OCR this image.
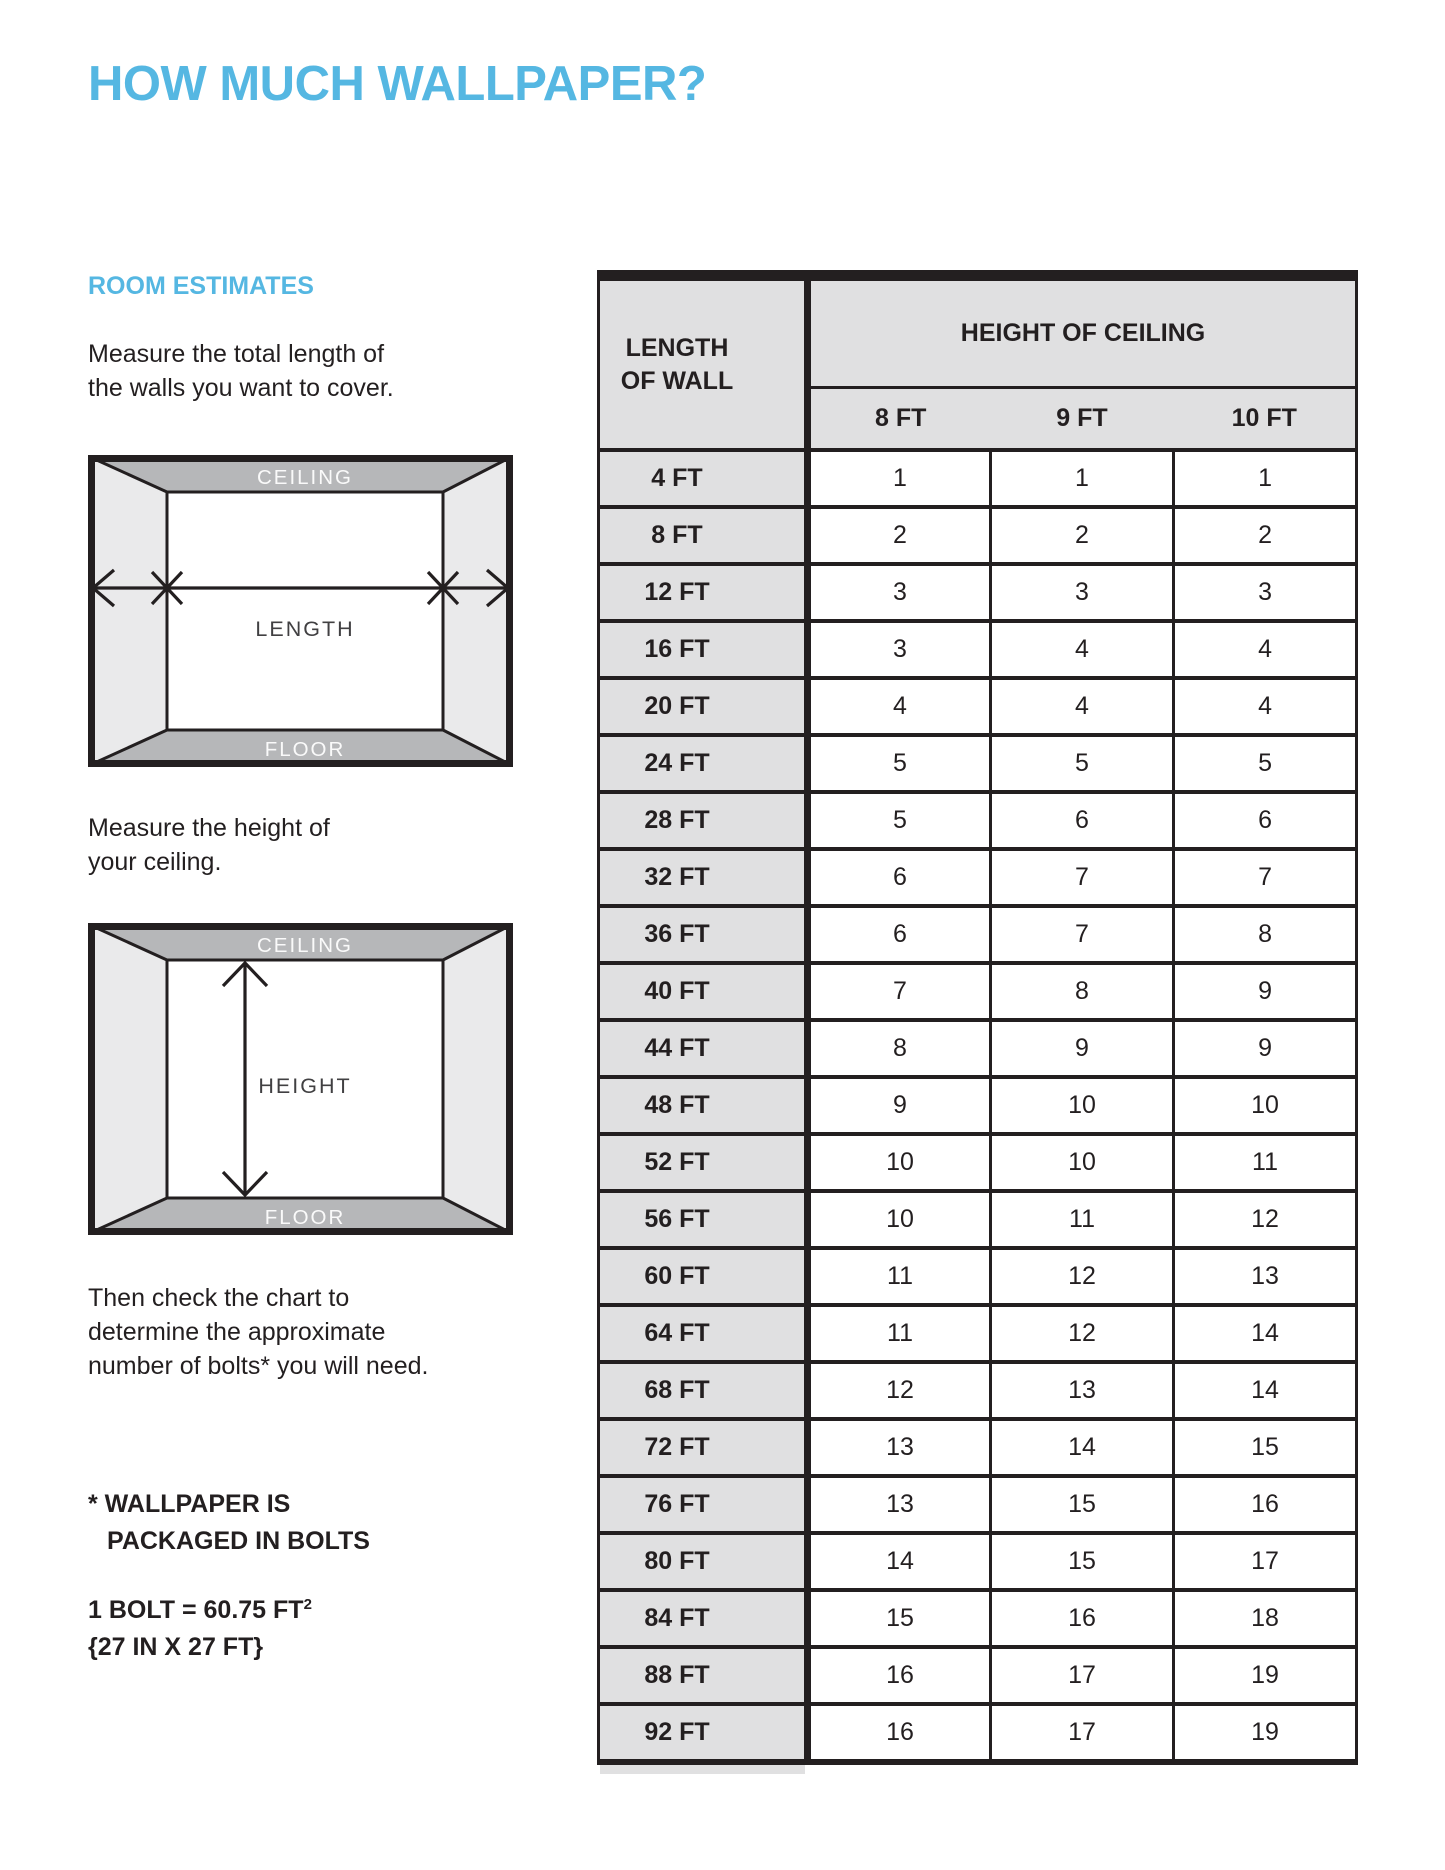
HOW MUCH WALLPAPER?
ROOM ESTIMATES

Measure the total length of
the walls you want to cover.

CEILING
FLOOR
LENGTH

Measure the height of
your ceiling.

CEILING
FLOOR
HEIGHT

Then check the chart to
determine the approximate
number of bolts* you will need.

* WALLPAPER IS
PACKAGED IN BOLTS

1 BOLT = 60.75 $FT^2$
{27 IN X 27 FT}

LENGTH
OF WALL	HEIGHT OF CEILING		
	8 FT	9 FT	10 FT
4 FT	1	1	1
8 FT	2	2	2
12 FT	3	3	3
16 FT	3	4	4
20 FT	4	4	4
24 FT	5	5	5
28 FT	5	6	6
32 FT	6	7	7
36 FT	6	7	8
40 FT	7	8	9
44 FT	8	9	9
48 FT	9	10	10
52 FT	10	10	11
56 FT	10	11	12
60 FT	11	12	13
64 FT	11	12	14
68 FT	12	13	14
72 FT	13	14	15
76 FT	13	15	16
80 FT	14	15	17
84 FT	15	16	18
88 FT	16	17	19
92 FT	16	17	19
